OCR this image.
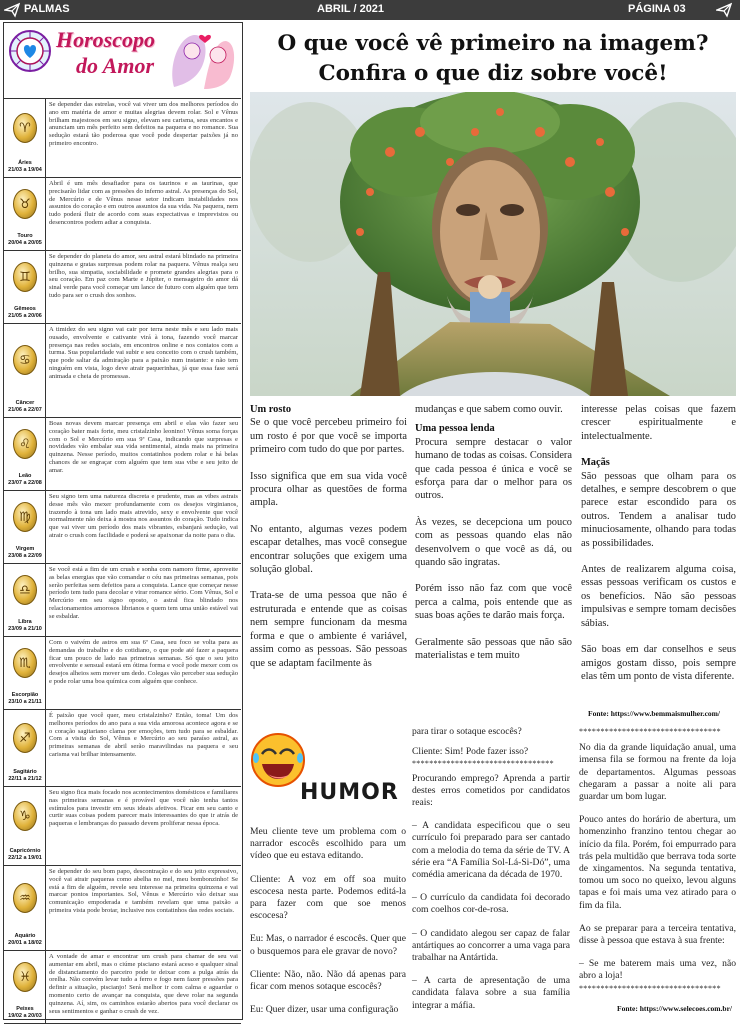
PALMAS	ABRIL / 2021	PÁGINA 03
Horoscopo
do Amor
♈
Áries
21/03 a 19/04
Se depender das estrelas, você vai viver um dos melhores períodos do ano em matéria de amor e muitas alegrias devem rolar. Sol e Vênus brilham majestosos em seu signo, elevam seu carisma, seus encantos e anunciam um mês perfeito sem defeitos na paquera e no romance. Sua sedução estará tão poderosa que você pode despertar paixões já no primeiro encontro.
♉
Touro
20/04 a 20/05
Abril é um mês desafiador para os taurinos e as taurinas, que precisarão lidar com as pressões do inferno astral. As presenças do Sol, de Mercúrio e de Vênus nesse setor indicam instabilidades nos assuntos do coração e em outros assuntos da sua vida. Na paquera, nem tudo poderá fluir de acordo com suas expectativas e imprevistos ou desencontros podem adiar a conquista.
♊
Gêmeos
21/05 a 20/06
Se depender do planeta do amor, seu astral estará blindado na primeira quinzena e gratas surpresas podem rolar na paquera. Vênus realça seu brilho, sua simpatia, sociabilidade e promete grandes alegrias para o seu coração. Em paz com Marte e Júpiter, o mensageiro do amor dá sinal verde para você começar um lance de futuro com alguém que tem tudo para ser o crush dos sonhos.
♋
Câncer
21/06 a 22/07
A timidez do seu signo vai cair por terra neste mês e seu lado mais ousado, envolvente e cativante virá à tona, fazendo você marcar presença nas redes sociais, em encontros online e nos contatos com a turma. Sua popularidade vai subir e seu conceito com o crush também, que pode saltar da admiração para a paixão num instante: e não tem ninguém em vista, logo deve atrair paquerinhas, já que essa fase será animada e cheia de promessas.
♌
Leão
23/07 a 22/08
Boas novas devem marcar presença em abril e elas vão fazer seu coração bater mais forte, meu cristalzinho leonino! Vênus soma forças com o Sol e Mercúrio em sua 9ª Casa, indicando que surpresas e novidades vão embalar sua vida sentimental, ainda mais na primeira quinzena. Nesse período, muitos contatinhos podem rolar e há belas chances de se engraçar com alguém que tem sua vibe e seu jeito de amar.
♍
Virgem
23/08 a 22/09
Seu signo tem uma natureza discreta e prudente, mas as vibes astrais desse mês vão mexer profundamente com os desejos virginianos, trazendo à tona um lado mais atrevido, sexy e envolvente que você normalmente não deixa à mostra nos assuntos do coração. Tudo indica que vai viver um período dos mais vibrantes, esbanjará sedução, vai atrair o crush com facilidade e poderá se apaixonar da noite para o dia.
♎
Libra
23/09 a 21/10
Se você está a fim de um crush e sonha com namoro firme, aproveite as belas energias que vão comandar o céu nas primeiras semanas, pois serão perfeitas sem defeitos para a conquista. Lance que começar nesse período tem tudo para decolar e virar romance sério. Com Vênus, Sol e Mercúrio em seu signo oposto, o astral fica blindado nos relacionamentos amorosos librianos e quem tem uma união estável vai se esbaldar.
♏
Escorpião
23/10 a 21/11
Com o vaivém de astros em sua 6ª Casa, seu foco se volta para as demandas do trabalho e do cotidiano, o que pode até fazer a paquera ficar um pouco de lado nas primeiras semanas. Só que o seu jeito envolvente e sensual estará em ótima forma e você pode mexer com os desejos alheios sem mover um dedo. Colegas vão perceber sua sedução e pode rolar uma boa química com alguém que conhece.
♐
Sagitário
22/11 a 21/12
É paixão que você quer, meu cristalzinho? Então, toma! Um dos melhores períodos do ano para a sua vida amorosa acontece agora e se o coração sagitariano clama por emoções, tem tudo para se esbaldar. Com a visita do Sol, Vênus e Mercúrio ao seu paraíso astral, as primeiras semanas de abril serão maravilindas na paquera e seu carisma vai brilhar intensamente.
♑
Capricórnio
22/12 a 19/01
Seu signo fica mais focado nos acontecimentos domésticos e familiares nas primeiras semanas e é provável que você não tenha tantos estímulos para investir em seus ideais afetivos. Ficar em seu canto e curtir suas coisas podem parecer mais interessantes do que ir atrás de paqueras e lembranças do passado devem proliferar nessa época.
♒
Aquário
20/01 a 18/02
Se depender do seu bom papo, descontração e do seu jeito expressivo, você vai atrair paqueras como abelha no mel, meu bombonzinho! Se está a fim de alguém, revele seu interesse na primeira quinzena e vai marcar pontos importantes. Sol, Vênus e Mercúrio vão deixar sua comunicação empoderada e também revelam que uma paixão a primeira vista pode brotar, inclusive nos contatinhos das redes sociais.
♓
Peixes
19/02 a 20/03
A vontade de amar e encontrar um crush para chamar de seu vai aumentar em abril, mas o ciúme pisciano estará aceso e qualquer sinal de distanciamento do parceiro pode te deixar com a pulga atrás da orelha. Não convém levar tudo a ferro e fogo nem fazer pressões para definir a situação, piscianjo! Será melhor ir com calma e aguardar o momento certo de avançar na conquista, que deve rolar na segunda quinzena. Aí, sim, os caminhos estarão abertos para você declarar os seus sentimentos e ganhar o crush de vez.
O que você vê primeiro na imagem?
Confira o que diz sobre você!
Um rosto

Se o que você percebeu primeiro foi um rosto é por que você se importa primeiro com tudo do que por partes.

Isso significa que em sua vida você procura olhar as questões de forma ampla.

No entanto, algumas vezes podem escapar detalhes, mas você consegue encontrar soluções que exigem uma solução global.

Trata-se de uma pessoa que não é estruturada e entende que as coisas nem sempre funcionam da mesma forma e que o ambiente é variável, assim como as pessoas. São pessoas que se adaptam facilmente às

mudanças e que sabem como ouvir.

Uma pessoa lenda

Procura sempre destacar o valor humano de todas as coisas. Considera que cada pessoa é única e você se esforça para dar o melhor para os outros.

Às vezes, se decepciona um pouco com as pessoas quando elas não desenvolvem o que você as dá, ou quando são ingratas.

Porém isso não faz com que você perca a calma, pois entende que as suas boas ações te darão mais força.

Geralmente são pessoas que não são materialistas e tem muito

interesse pelas coisas que fazem crescer espiritualmente e intelectualmente.

Maçãs

São pessoas que olham para os detalhes, e sempre descobrem o que parece estar escondido para os outros. Tendem a analisar tudo minuciosamente, olhando para todas as possibilidades.

Antes de realizarem alguma coisa, essas pessoas verificam os custos e os benefícios. Não são pessoas impulsivas e sempre tomam decisões sábias.

São boas em dar conselhos e seus amigos gostam disso, pois sempre elas têm um ponto de vista diferente.

Fonte: https://www.bemmaismulher.com/
HUMOR

Meu cliente teve um problema com o narrador escocês escolhido para um vídeo que eu estava editando.

Cliente: A voz em off soa muito escocesa nesta parte. Podemos editá-la para fazer com que soe menos escocesa?

Eu: Mas, o narrador é escocês. Quer que o busquemos para ele gravar de novo?

Cliente: Não, não. Não dá apenas para ficar com menos sotaque escocês?

Eu: Quer dizer, usar uma configuração

para tirar o sotaque escocês?

Cliente: Sim! Pode fazer isso?

*********************************

Procurando emprego? Aprenda a partir destes erros cometidos por candidatos reais:

– A candidata especificou que o seu currículo foi preparado para ser cantado com a melodia do tema da série de TV. A série era “A Família Sol-Lá-Si-Dó”, uma comédia americana da década de 1970.

– O currículo da candidata foi decorado com coelhos cor-de-rosa.

– O candidato alegou ser capaz de falar antártiques ao concorrer a uma vaga para trabalhar na Antártida.

– A carta de apresentação de uma candidata falava sobre a sua família integrar a máfia.

*********************************

No dia da grande liquidação anual, uma imensa fila se formou na frente da loja de departamentos. Algumas pessoas chegaram a passar a noite ali para guardar um bom lugar.

Pouco antes do horário de abertura, um homenzinho franzino tentou chegar ao início da fila. Porém, foi empurrado para trás pela multidão que berrava toda sorte de xingamentos. Na segunda tentativa, tomou um soco no queixo, levou alguns tapas e foi mais uma vez atirado para o fim da fila.

Ao se preparar para a terceira tentativa, disse à pessoa que estava à sua frente:

– Se me baterem mais uma vez, não abro a loja!

*********************************

Fonte: https://www.selecoes.com.br/
